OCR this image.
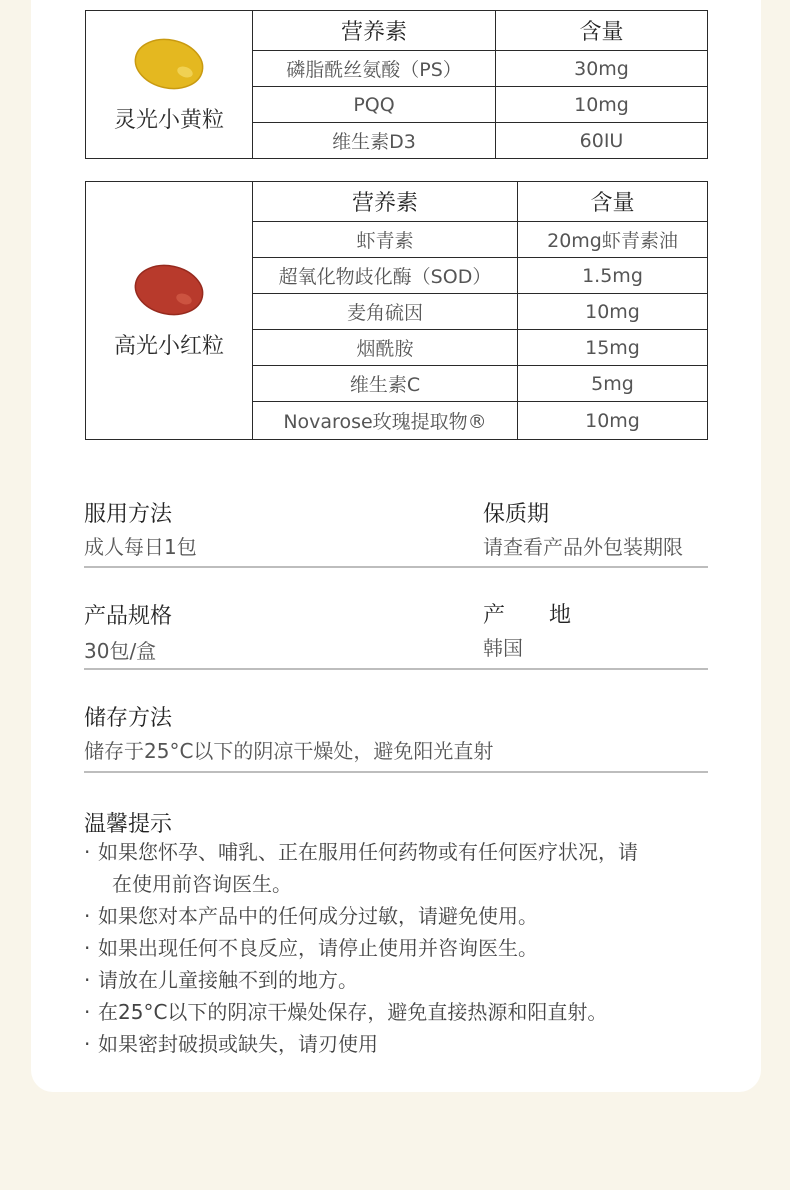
灵光小黄粒	营养素	含量
	磷脂酰丝氨酸（PS）	30mg
	PQQ	10mg
	维生素D3	60IU
高光小红粒	营养素	含量
	虾青素	20mg虾青素油
	超氧化物歧化酶（SOD）	1.5mg
	麦角硫因	10mg
	烟酰胺	15mg
	维生素C	5mg
	Novarose玫瑰提取物®	10mg
服用方法
成人每日1包
保质期
请查看产品外包装期限
产品规格
30包/盒
产　　地
韩国
储存方法
储存于25°C以下的阴凉干燥处，避免阳光直射
温馨提示
· 如果您怀孕、哺乳、正在服用任何药物或有任何医疗状况，请
在使用前咨询医生。
· 如果您对本产品中的任何成分过敏，请避免使用。
· 如果出现任何不良反应，请停止使用并咨询医生。
· 请放在儿童接触不到的地方。
· 在25°C以下的阴凉干燥处保存，避免直接热源和阳直射。
· 如果密封破损或缺失，请刃使用
